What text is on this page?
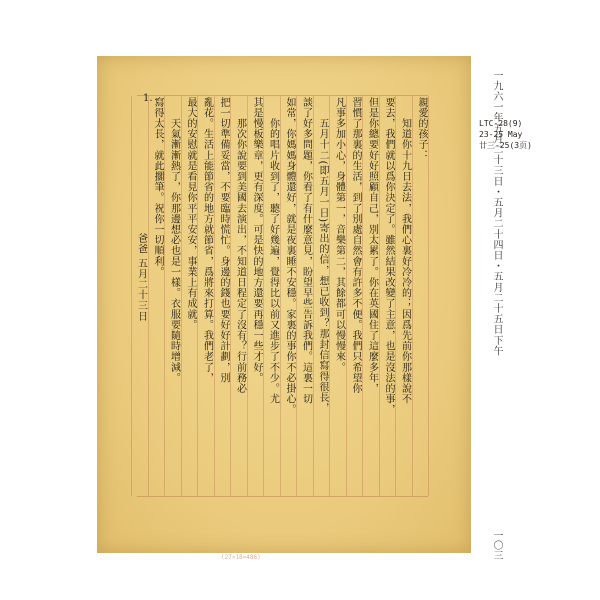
LTC-28(9)
23-25 May
廿三-25(3页)
(27×18=486)
1.	親愛的孩子：
　　知道你十九日去法，我們心裏好冷冷的；因爲先前你那樣說不
要去，我們就以爲你決定了。雖然結果改變了主意，也是沒法的事，
但是你總要好好照顧自己，別太累了。你在英國住了這麼多年，
習慣了那裏的生活，到了別處自然會有許多不便。我們只希望你
凡事多加小心，身體第一，音樂第二，其餘都可以慢慢來。
　　五月十二(即五月一日)寄出的信，想已收到？那封信寫得很長，
談了好多問題，你看了有什麼意見，盼望早些告訴我們。這裏一切
如常，你媽媽身體還好，就是夜裏睡不安穩。家裏的事你不必掛心。
　　你的唱片收到了，聽了好幾遍，覺得比以前又進步了不少。尤
其是慢板樂章，更有深度。可是快的地方還要再穩一些才好。
　　那次你說要到美國去演出，不知道日程定了沒有？行前務必
把一切準備妥當，不要臨時慌忙。身邊的錢也要好好計劃，別
亂花。生活上能節省的地方就節省，爲將來打算。我們老了，
最大的安慰就是看見你平平安安，事業上有成就。
　　天氣漸漸熱了，你那邊想必也是一樣。衣服要隨時增減。
寫得太長，就此擱筆。祝你一切順利。
爸爸 五月二十三日	一九六一年五月二十三日・五月二十四日・五月二十五日下午
一〇三
